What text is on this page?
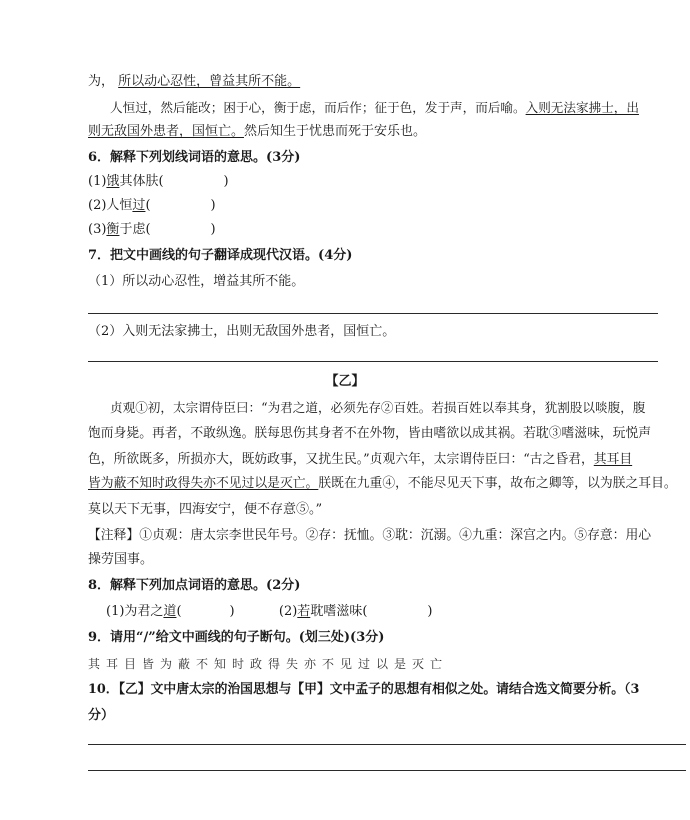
为， 所以动心忍性，曾益其所不能。
人恒过，然后能改；困于心，衡于虑，而后作；征于色，发于声，而后喻。入则无法家拂士，出
则无敌国外患者，国恒亡。然后知生于忧患而死于安乐也。
6．解释下列划线词语的意思。(3分)
(1)饿其体肤(	)
(2)人恒过(	)
(3)衡于虑(	)
7．把文中画线的句子翻译成现代汉语。(4分)
（1）所以动心忍性，增益其所不能。
（2）入则无法家拂士，出则无敌国外患者，国恒亡。
【乙】
贞观①初，太宗谓侍臣曰：“为君之道，必须先存②百姓。若损百姓以奉其身，犹割股以啖腹，腹
饱而身毙。再者，不敢纵逸。朕每思伤其身者不在外物，皆由嗜欲以成其祸。若耽③嗜滋味，玩悦声
色，所欲既多，所损亦大，既妨政事，又扰生民。”贞观六年，太宗谓侍臣曰：“古之昏君，其耳目
皆为蔽不知时政得失亦不见过以是灭亡。朕既在九重④，不能尽见天下事，故布之卿等，以为朕之耳目。
莫以天下无事，四海安宁，便不存意⑤。”
【注释】①贞观：唐太宗李世民年号。②存：抚恤。③耽：沉溺。④九重：深宫之内。⑤存意：用心
操劳国事。
8．解释下列加点词语的意思。(2分)
(1)为君之道(	)	(2)若耽嗜滋味(	)
9．请用“/”给文中画线的句子断句。(划三处)(3分)
其耳目皆为蔽不知时政得失亦不见过以是灭亡
10．【乙】文中唐太宗的治国思想与【甲】文中孟子的思想有相似之处。请结合选文简要分析。（3
分）
